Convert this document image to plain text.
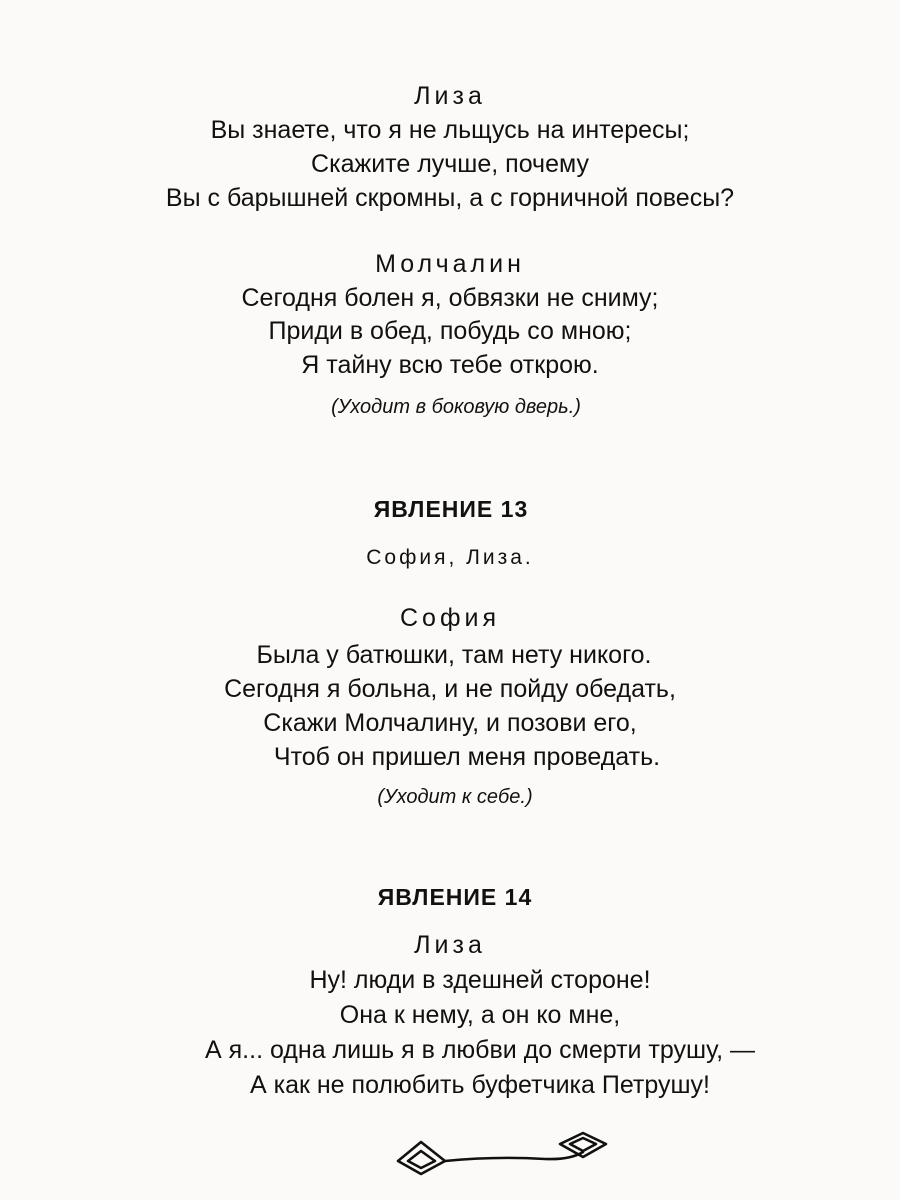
Лиза
Вы знаете, что я не льщусь на интересы;
Скажите лучше, почему
Вы с барышней скромны, а с горничной повесы?
Молчалин
Сегодня болен я, обвязки не сниму;
Приди в обед, побудь со мною;
Я тайну всю тебе открою.
(Уходит в боковую дверь.)
ЯВЛЕНИЕ 13
София, Лиза.
София
Была у батюшки, там нету никого.
Сегодня я больна, и не пойду обедать,
Скажи Молчалину, и позови его,
Чтоб он пришел меня проведать.
(Уходит к себе.)
ЯВЛЕНИЕ 14
Лиза
Ну! люди в здешней стороне!
Она к нему, а он ко мне,
А я... одна лишь я в любви до смерти трушу, —
А как не полюбить буфетчика Петрушу!
